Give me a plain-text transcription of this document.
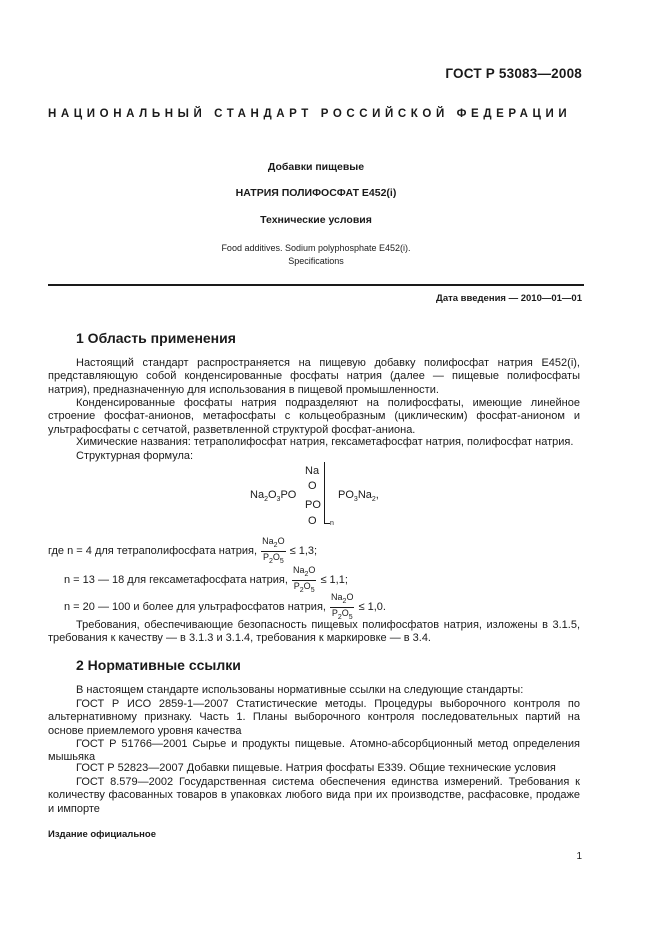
ГОСТ Р 53083—2008
НАЦИОНАЛЬНЫЙ СТАНДАРТ РОССИЙСКОЙ ФЕДЕРАЦИИ
Добавки пищевые
НАТРИЯ ПОЛИФОСФАТ Е452(i)
Технические условия
Food additives. Sodium polyphosphate E452(i).
Specifications
Дата введения — 2010—01—01
1 Область применения
Настоящий стандарт распространяется на пищевую добавку полифосфат натрия Е452(i), представляющую собой конденсированные фосфаты натрия (далее — пищевые полифосфаты натрия), предназначенную для использования в пищевой промышленности.
Конденсированные фосфаты натрия подразделяют на полифосфаты, имеющие линейное строение фосфат-анионов, метафосфаты с кольцеобразным (циклическим) фосфат-анионом и ультрафосфаты с сетчатой, разветвленной структурой фосфат-аниона.
Химические названия: тетраполифосфат натрия, гексаметафосфат натрия, полифосфат натрия.
Структурная формула:
Na
O
$Na_2O_3PO$
PO
O n
$PO_3Na_2$,
где n = 4 для тетраполифосфата натрия, $\frac{Na_2O}{P_2O_5} \le 1,3$;
n = 13 — 18 для гексаметафосфата натрия, $\frac{Na_2O}{P_2O_5} \le 1,1$;
n = 20 — 100 и более для ультрафосфатов натрия, $\frac{Na_2O}{P_2O_5} \le 1,0$.
Требования, обеспечивающие безопасность пищевых полифосфатов натрия, изложены в 3.1.5, требования к качеству — в 3.1.3 и 3.1.4, требования к маркировке — в 3.4.
2 Нормативные ссылки
В настоящем стандарте использованы нормативные ссылки на следующие стандарты:
ГОСТ Р ИСО 2859-1—2007 Статистические методы. Процедуры выборочного контроля по альтернативному признаку. Часть 1. Планы выборочного контроля последовательных партий на основе приемлемого уровня качества
ГОСТ Р 51766—2001 Сырье и продукты пищевые. Атомно-абсорбционный метод определения мышьяка
ГОСТ Р 52823—2007 Добавки пищевые. Натрия фосфаты Е339. Общие технические условия
ГОСТ 8.579—2002 Государственная система обеспечения единства измерений. Требования к количеству фасованных товаров в упаковках любого вида при их производстве, расфасовке, продаже и импорте
Издание официальное
1
